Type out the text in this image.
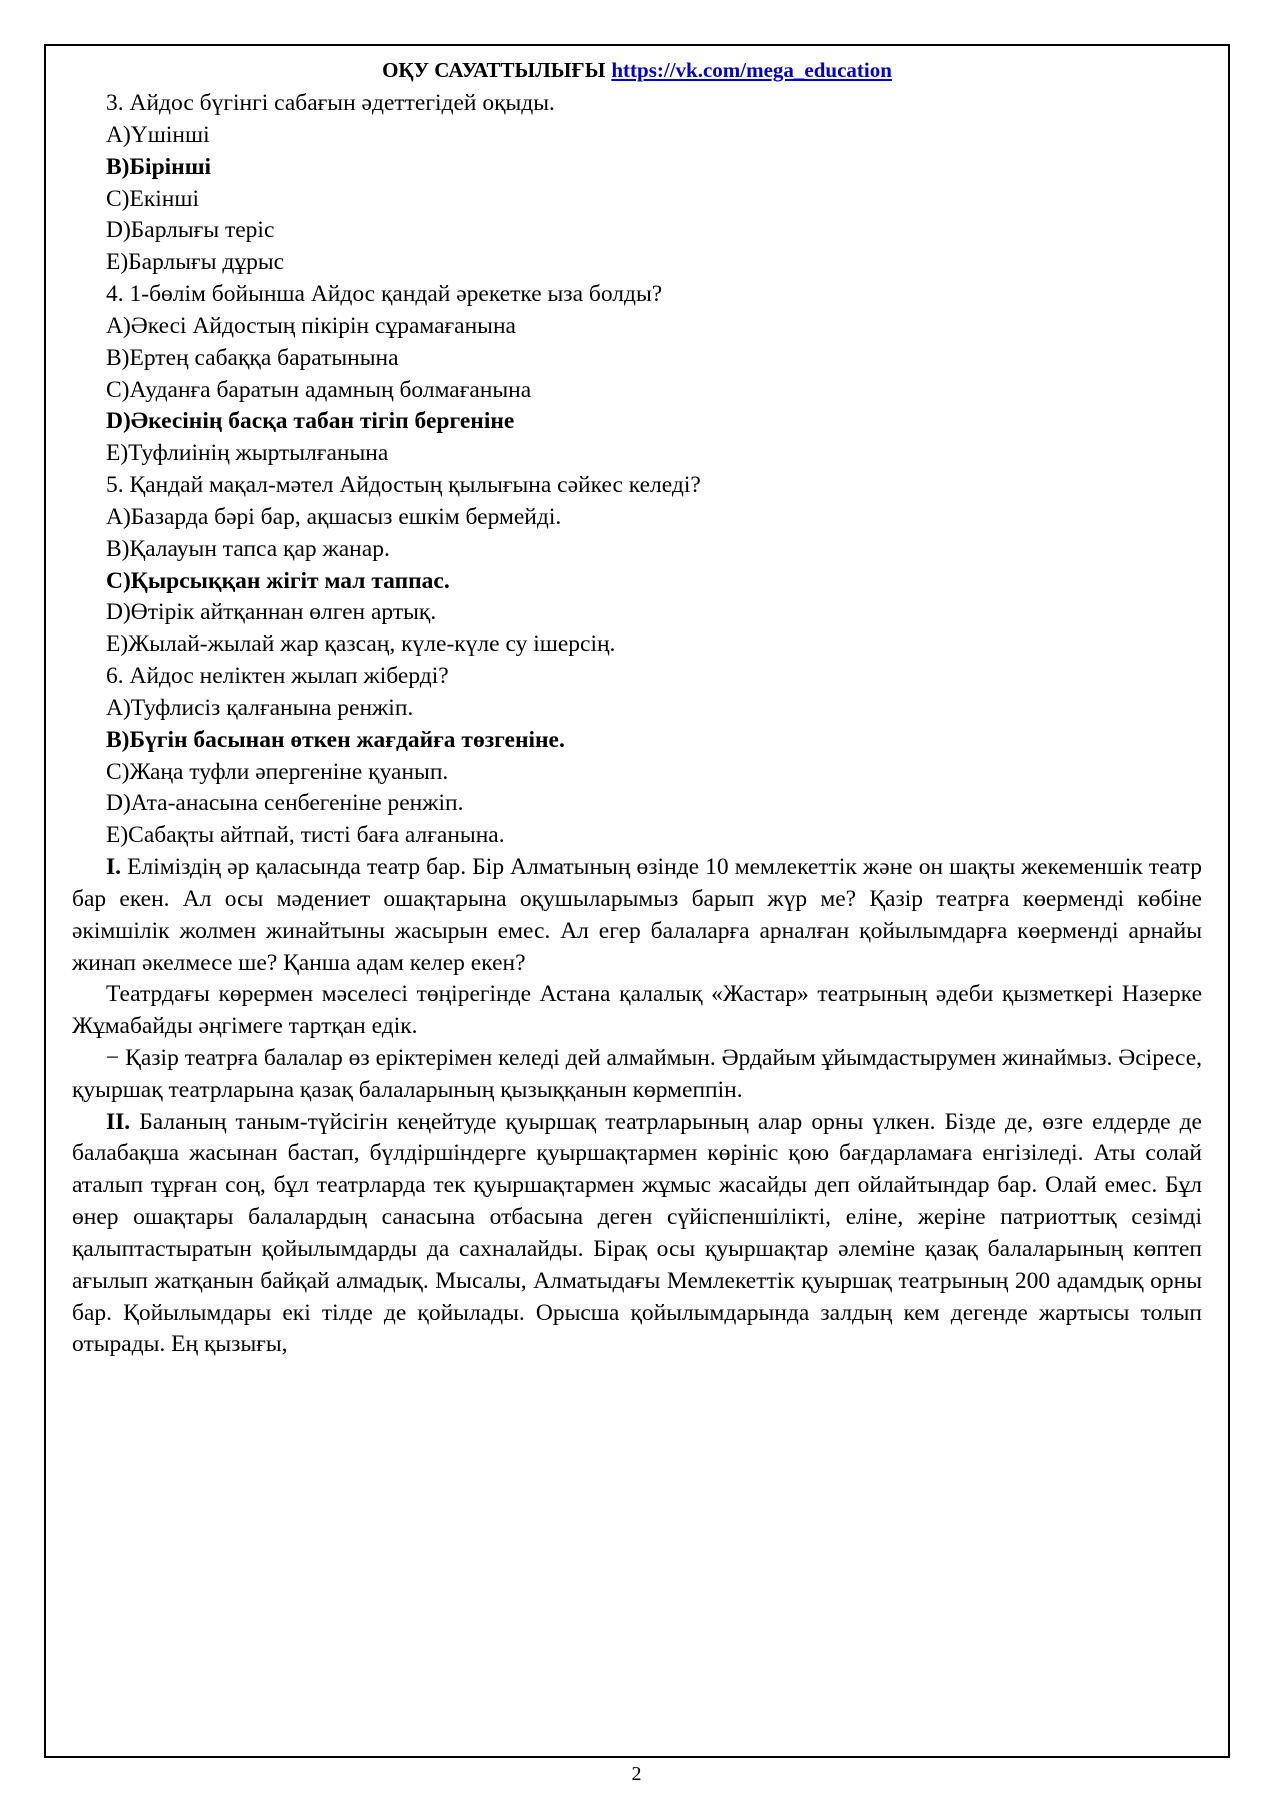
ОҚУ САУАТТЫЛЫҒЫ https://vk.com/mega_education
3. Айдос бүгінгі сабағын әдеттегідей оқыды.
A)Үшінші
B)Бірінші
C)Екінші
D)Барлығы теріс
E)Барлығы дұрыс
4. 1-бөлім бойынша Айдос қандай әрекетке ыза болды?
A)Әкесі Айдостың пікірін сұрамағанына
B)Ертең сабаққа баратынына
C)Ауданға баратын адамның болмағанына
D)Әкесінің басқа табан тігіп бергеніне
E)Туфлиінің жыртылғанына
5. Қандай мақал-мәтел Айдостың қылығына сәйкес келеді?
A)Базарда бәрі бар, ақшасыз ешкім бермейді.
B)Қалауын тапса қар жанар.
C)Қырсыққан жігіт мал таппас.
D)Өтірік айтқаннан өлген артық.
E)Жылай-жылай жар қазсаң, күле-күле су ішерсің.
6. Айдос неліктен жылап жіберді?
A)Туфлисіз қалғанына ренжіп.
B)Бүгін басынан өткен жағдайға төзгеніне.
C)Жаңа туфли әпергеніне қуанып.
D)Ата-анасына сенбегеніне ренжіп.
E)Сабақты айтпай, тисті баға алғанына.

I. Еліміздің әр қаласында театр бар. Бір Алматының өзінде 10 мемлекеттік және он шақты жекеменшік театр бар екен. Ал осы мәдениет ошақтарына оқушыларымыз барып жүр ме? Қазір театрға көерменді көбіне әкімшілік жолмен жинайтыны жасырын емес. Ал егер балаларға арналған қойылымдарға көерменді арнайы жинап әкелмесе ше? Қанша адам келер екен?

Театрдағы көрермен мәселесі төңірегінде Астана қалалық «Жастар» театрының әдеби қызметкері Назерке Жұмабайды әңгімеге тартқан едік.

− Қазір театрға балалар өз еріктерімен келеді дей алмаймын. Әрдайым ұйымдастырумен жинаймыз. Әсіресе, қуыршақ театрларына қазақ балаларының қызыққанын көрмеппін.

II. Баланың таным-түйсігін кеңейтуде қуыршақ театрларының алар орны үлкен. Бізде де, өзге елдерде де балабақша жасынан бастап, бүлдіршіндерге қуыршақтармен көрініс қою бағдарламаға енгізіледі. Аты солай аталып тұрған соң, бұл театрларда тек қуыршақтармен жұмыс жасайды деп ойлайтындар бар. Олай емес. Бұл өнер ошақтары балалардың санасына отбасына деген сүйіспеншілікті, еліне, жеріне патриоттық сезімді қалыптастыратын қойылымдарды да сахналайды. Бірақ осы қуыршақтар әлеміне қазақ балаларының көптеп ағылып жатқанын байқай алмадық. Мысалы, Алматыдағы Мемлекеттік қуыршақ театрының 200 адамдық орны бар. Қойылымдары екі тілде де қойылады. Орысша қойылымдарында залдың кем дегенде жартысы толып отырады. Ең қызығы,

2
